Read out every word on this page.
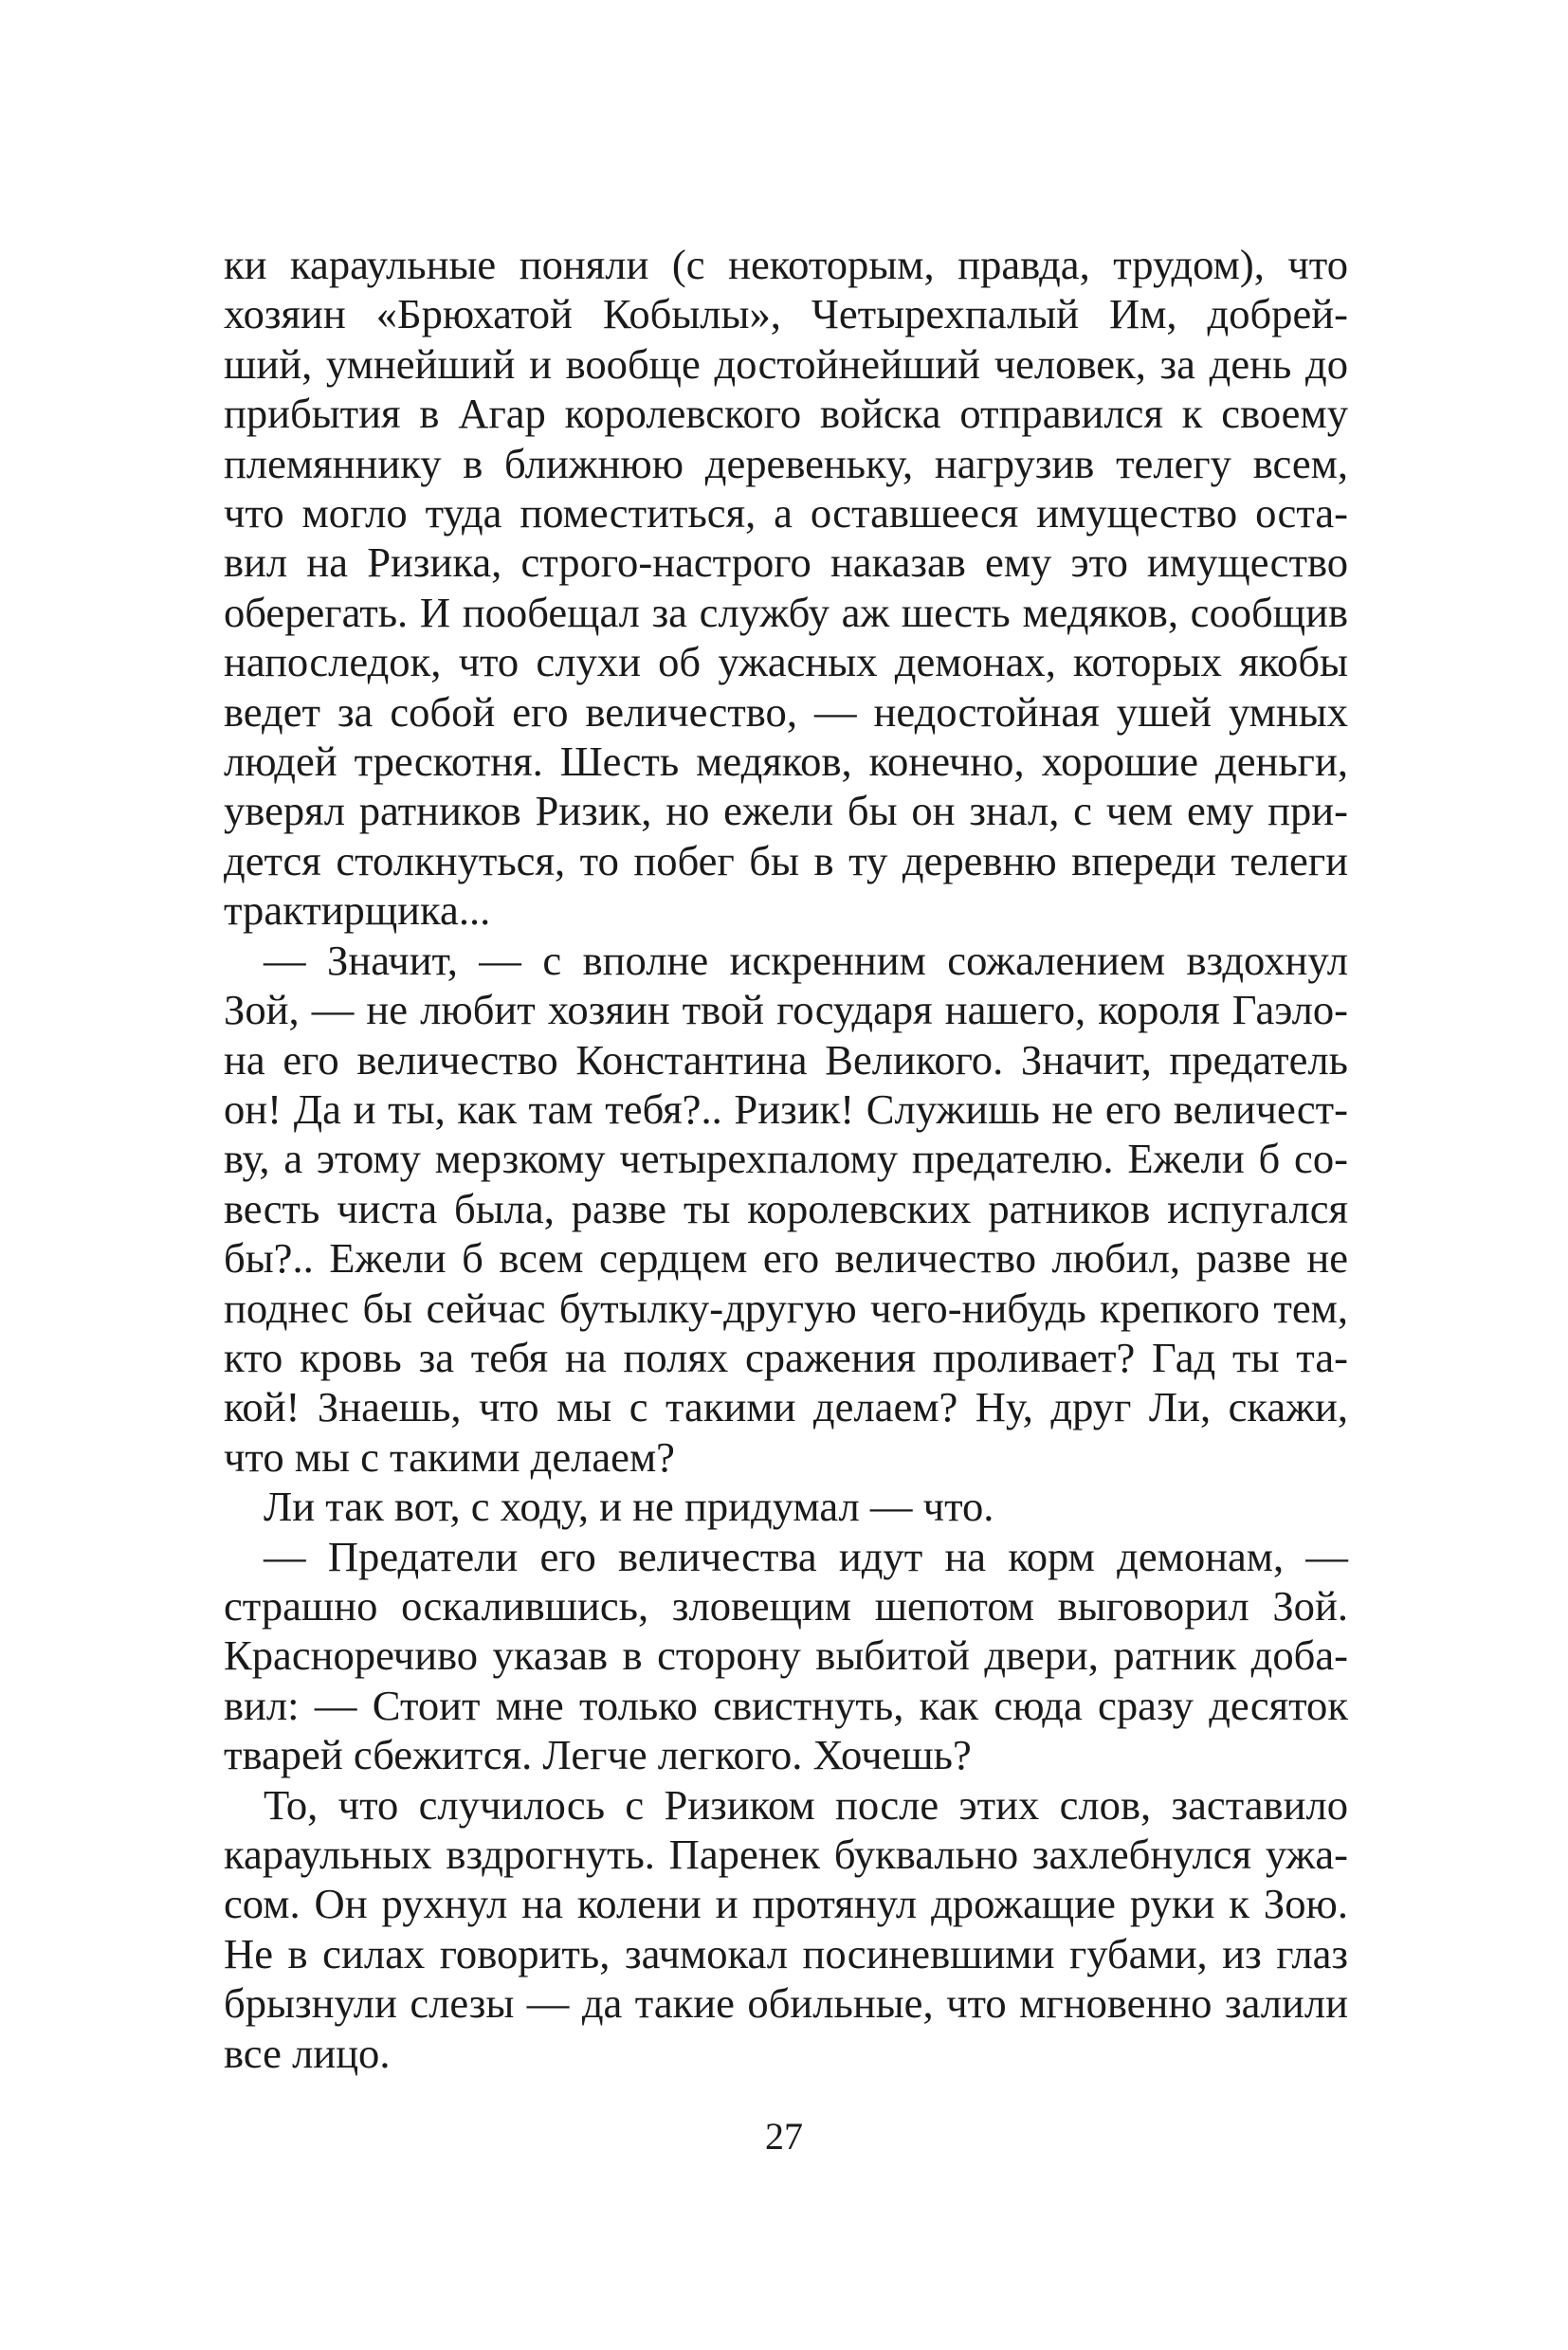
ки караульные поняли (с некоторым, правда, трудом), что
хозяин «Брюхатой Кобылы», Четырехпалый Им, добрей-
ший, умнейший и вообще достойнейший человек, за день до
прибытия в Агар королевского войска отправился к своему
племяннику в ближнюю деревеньку, нагрузив телегу всем,
что могло туда поместиться, а оставшееся имущество оста-
вил на Ризика, строго-настрого наказав ему это имущество
оберегать. И пообещал за службу аж шесть медяков, сообщив
напоследок, что слухи об ужасных демонах, которых якобы
ведет за собой его величество, — недостойная ушей умных
людей трескотня. Шесть медяков, конечно, хорошие деньги,
уверял ратников Ризик, но ежели бы он знал, с чем ему при-
дется столкнуться, то побег бы в ту деревню впереди телеги
трактирщика...
— Значит, — с вполне искренним сожалением вздохнул
Зой, — не любит хозяин твой государя нашего, короля Гаэло-
на его величество Константина Великого. Значит, предатель
он! Да и ты, как там тебя?.. Ризик! Служишь не его величест-
ву, а этому мерзкому четырехпалому предателю. Ежели б со-
весть чиста была, разве ты королевских ратников испугался
бы?.. Ежели б всем сердцем его величество любил, разве не
поднес бы сейчас бутылку-другую чего-нибудь крепкого тем,
кто кровь за тебя на полях сражения проливает? Гад ты та-
кой! Знаешь, что мы с такими делаем? Ну, друг Ли, скажи,
что мы с такими делаем?
Ли так вот, с ходу, и не придумал — что.
— Предатели его величества идут на корм демонам, —
страшно оскалившись, зловещим шепотом выговорил Зой.
Красноречиво указав в сторону выбитой двери, ратник доба-
вил: — Стоит мне только свистнуть, как сюда сразу десяток
тварей сбежится. Легче легкого. Хочешь?
То, что случилось с Ризиком после этих слов, заставило
караульных вздрогнуть. Паренек буквально захлебнулся ужа-
сом. Он рухнул на колени и протянул дрожащие руки к Зою.
Не в силах говорить, зачмокал посиневшими губами, из глаз
брызнули слезы — да такие обильные, что мгновенно залили
все лицо.
27
